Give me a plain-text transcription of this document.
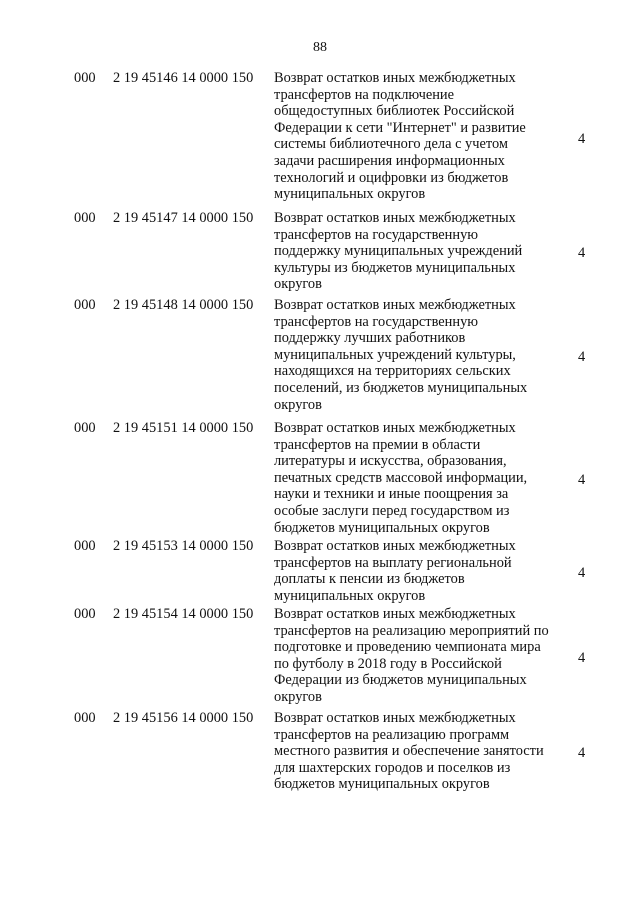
88
000 2 19 45146 14 0000 150 Возврат остатков иных межбюджетных
трансфертов на подключение
общедоступных библиотек Российской
Федерации к сети "Интернет" и развитие
системы библиотечного дела с учетом
задачи расширения информационных
технологий и оцифровки из бюджетов
муниципальных округов
4
000 2 19 45147 14 0000 150 Возврат остатков иных межбюджетных
трансфертов на государственную
поддержку муниципальных учреждений
культуры из бюджетов муниципальных
округов
4
000 2 19 45148 14 0000 150 Возврат остатков иных межбюджетных
трансфертов на государственную
поддержку лучших работников
муниципальных учреждений культуры,
находящихся на территориях сельских
поселений, из бюджетов муниципальных
округов
4
000 2 19 45151 14 0000 150 Возврат остатков иных межбюджетных
трансфертов на премии в области
литературы и искусства, образования,
печатных средств массовой информации,
науки и техники и иные поощрения за
особые заслуги перед государством из
бюджетов муниципальных округов
4
000 2 19 45153 14 0000 150 Возврат остатков иных межбюджетных
трансфертов на выплату региональной
доплаты к пенсии из бюджетов
муниципальных округов
4
000 2 19 45154 14 0000 150 Возврат остатков иных межбюджетных
трансфертов на реализацию мероприятий по
подготовке и проведению чемпионата мира
по футболу в 2018 году в Российской
Федерации из бюджетов муниципальных
округов
4
000 2 19 45156 14 0000 150 Возврат остатков иных межбюджетных
трансфертов на реализацию программ
местного развития и обеспечение занятости
для шахтерских городов и поселков из
бюджетов муниципальных округов
4
